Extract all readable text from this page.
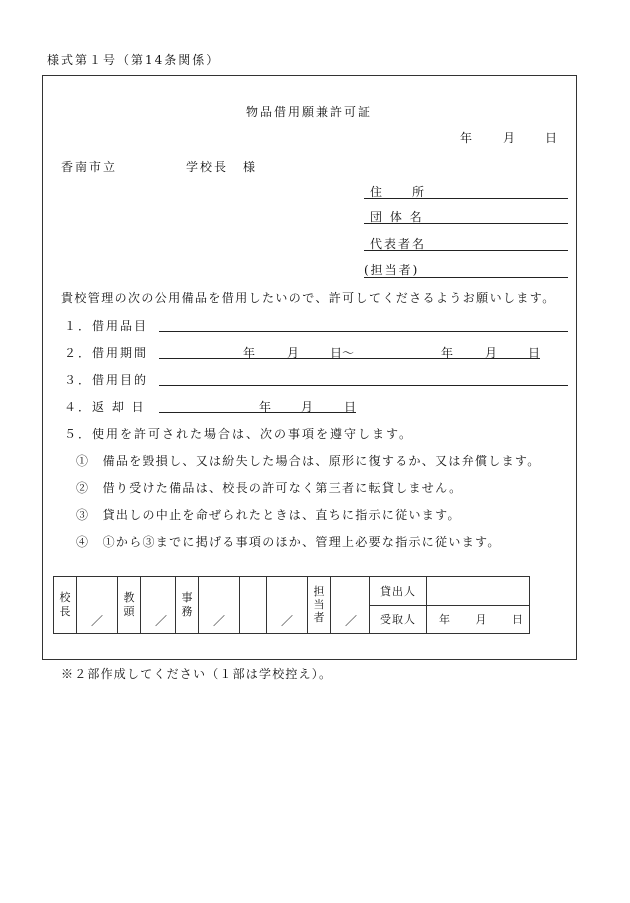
様式第１号（第14条関係）
物品借用願兼許可証
年	月 日
香南市立	学校長 様
住　　所
団 体 名
代表者名
(担当者)
貴校管理の次の公用備品を借用したいので、許可してくださるようお願いします。
１．借用品目
２．借用期間	年	月	日～	年	月	日
３．借用目的
４．返 却 日	年 月	日
５．使用を許可された場合は、次の事項を遵守します。
①　備品を毀損し、又は紛失した場合は、原形に復するか、又は弁償します。
②　借り受けた備品は、校長の許可なく第三者に転貸しません。
③　貸出しの中止を命ぜられたときは、直ちに指示に従います。
④　①から③までに掲げる事項のほか、管理上必要な指示に従います。
校長	／	教頭	／	事務	／		／	担当者	／	貸出人	
										受取人	年 月 日
※２部作成してください（１部は学校控え）。
